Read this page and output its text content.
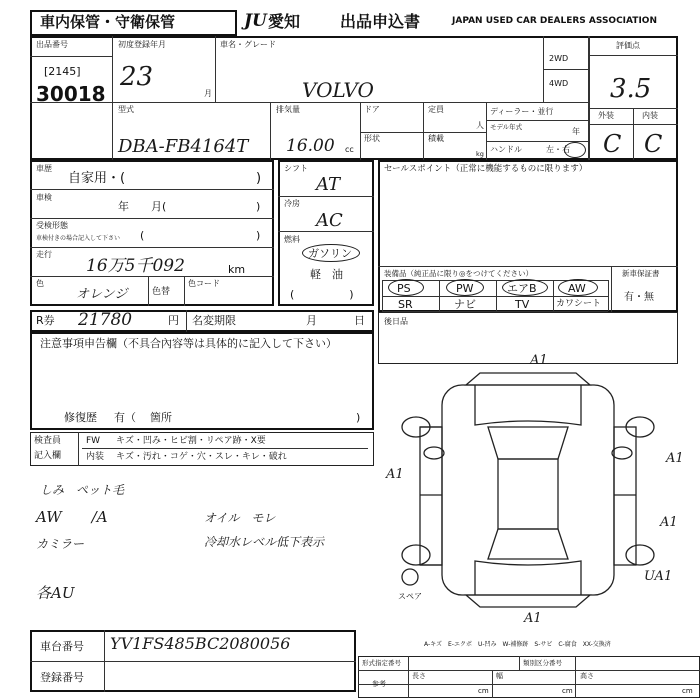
車内保管・守衛保管	JU 愛知 出品申込書	JAPAN USED CAR DEALERS ASSOCIATION
出品番号
[2145]
30018
初度登録年月
23
月
車名・グレード
VOLVO
2WD
4WD
評価点
3.5
型式
DBA-FB4164T
排気量
16.00 cc
ドア
形状
定員
人
積載
kg
ディーラー・並行
モデル年式	年
ハンドル	左・右
外装	内装
C C
車歴
自家用・(	)
車検
年　　月(	)
受検形態
車検付きの場合記入して下さい (	)
走行
16万5千092	km
色
オレンジ	色替
色コード
シフト
AT
冷房
AC
燃料
ガソリン
軽　油
(　　　　　)
セールスポイント（正常に機能するものに限ります）
装備品（純正品に限り◎をつけてください）	新車保証書
有・無
PS	PW	エアB	AW
SR	ナビ	TV	カワシート
R券 21780	円 名変期限	月	日 後日品
注意事項申告欄（不具合內容等は具体的に記入して下さい）
修復歴 有（ 箇所	)
検査員
記入欄
FW キズ・凹み・ヒビ割・リペア跡・X要
内装 キズ・汚れ・コゲ・穴・スレ・キレ・破れ
しみ　ペット毛
AW　　/A
カミラー
オイル　モレ
冷却水レベル低下表示
各AU
A1
A1
A1
A1
A1
UA1
スペア
A-キズ　E-エクボ　U-凹み　W-補修跡　S-サビ　C-腐食　XX-交換済
車台番号 YV1FS485BC2080056
登録番号
形式指定番号	類別区分番号
参考
長さ	幅	高さ
cm	cm	cm
